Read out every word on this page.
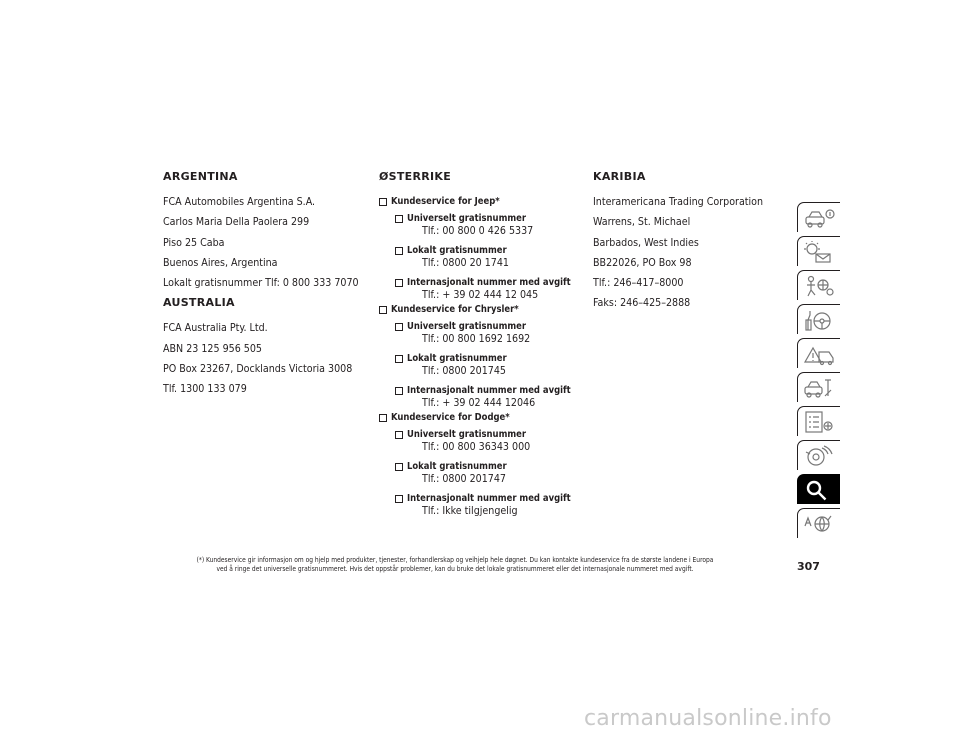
ARGENTINA
FCA Automobiles Argentina S.A.
Carlos Maria Della Paolera 299
Piso 25 Caba
Buenos Aires, Argentina
Lokalt gratisnummer Tlf: 0 800 333 7070
AUSTRALIA
FCA Australia Pty. Ltd.
ABN 23 125 956 505
PO Box 23267, Docklands Victoria 3008
Tlf. 1300 133 079
ØSTERRIKE
Kundeservice for Jeep*
Universelt gratisnummer
Tlf.: 00 800 0 426 5337
Lokalt gratisnummer
Tlf.: 0800 20 1741
Internasjonalt nummer med avgift
Tlf.: + 39 02 444 12 045
Kundeservice for Chrysler*
Universelt gratisnummer
Tlf.: 00 800 1692 1692
Lokalt gratisnummer
Tlf.: 0800 201745
Internasjonalt nummer med avgift
Tlf.: + 39 02 444 12046
Kundeservice for Dodge*
Universelt gratisnummer
Tlf.: 00 800 36343 000
Lokalt gratisnummer
Tlf.: 0800 201747
Internasjonalt nummer med avgift
Tlf.: Ikke tilgjengelig
KARIBIA
Interamericana Trading Corporation
Warrens, St. Michael
Barbados, West Indies
BB22026, PO Box 98
Tlf.: 246–417–8000
Faks: 246–425–2888
(*) Kundeservice gir informasjon om og hjelp med produkter, tjenester, forhandlerskap og veihjelp hele døgnet. Du kan kontakte kundeservice fra de største landene i Europa
ved å ringe det universelle gratisnummeret. Hvis det oppstår problemer, kan du bruke det lokale gratisnummeret eller det internasjonale nummeret med avgift.	307
carmanualsonline.info
